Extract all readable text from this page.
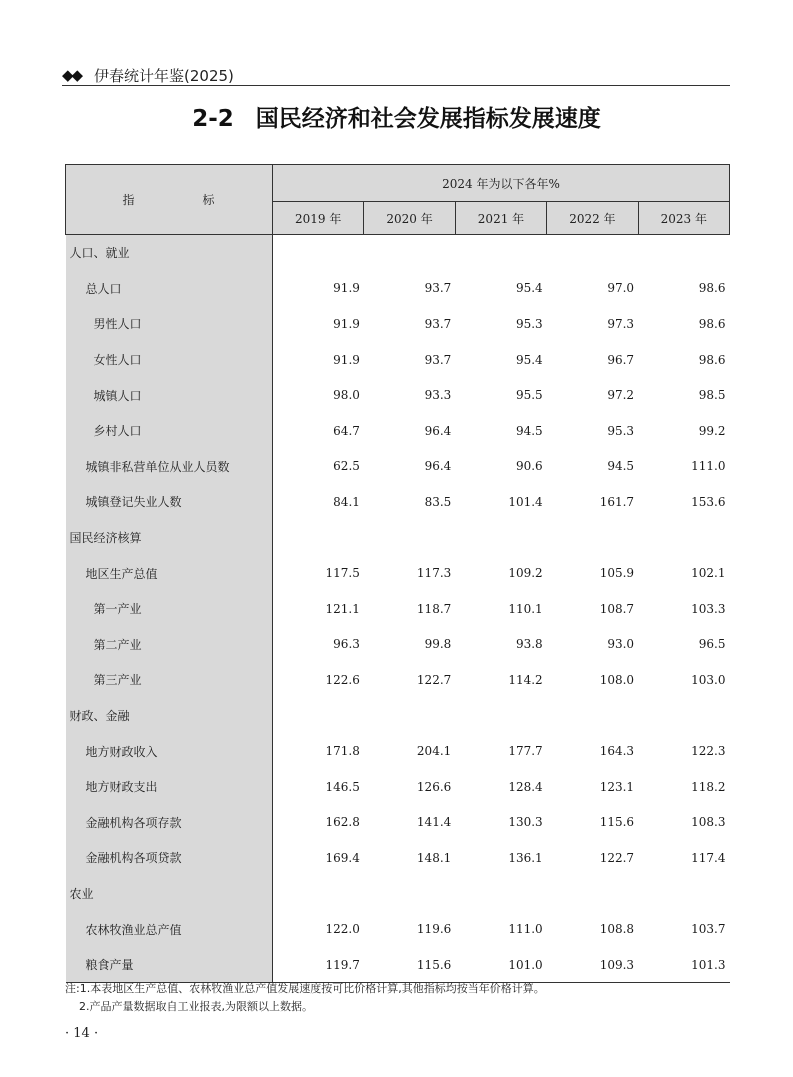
◆◆ 伊春统计年鉴(2025)
2-2 国民经济和社会发展指标发展速度
指　标	2024 年为以下各年%				
	2019 年	2020 年	2021 年	2022 年	2023 年
人口、就业					
总人口	91.9	93.7	95.4	97.0	98.6
男性人口	91.9	93.7	95.3	97.3	98.6
女性人口	91.9	93.7	95.4	96.7	98.6
城镇人口	98.0	93.3	95.5	97.2	98.5
乡村人口	64.7	96.4	94.5	95.3	99.2
城镇非私营单位从业人员数	62.5	96.4	90.6	94.5	111.0
城镇登记失业人数	84.1	83.5	101.4	161.7	153.6
国民经济核算					
地区生产总值	117.5	117.3	109.2	105.9	102.1
第一产业	121.1	118.7	110.1	108.7	103.3
第二产业	96.3	99.8	93.8	93.0	96.5
第三产业	122.6	122.7	114.2	108.0	103.0
财政、金融					
地方财政收入	171.8	204.1	177.7	164.3	122.3
地方财政支出	146.5	126.6	128.4	123.1	118.2
金融机构各项存款	162.8	141.4	130.3	115.6	108.3
金融机构各项贷款	169.4	148.1	136.1	122.7	117.4
农业					
农林牧渔业总产值	122.0	119.6	111.0	108.8	103.7
粮食产量	119.7	115.6	101.0	109.3	101.3
注:1.本表地区生产总值、农林牧渔业总产值发展速度按可比价格计算,其他指标均按当年价格计算。
2.产品产量数据取自工业报表,为限额以上数据。
· 14 ·
